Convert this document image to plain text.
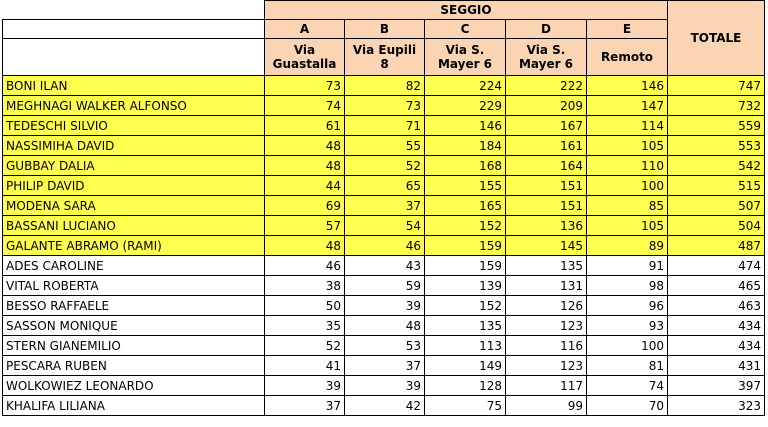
	SEGGIO					TOTALE
	A	B	C	D	E	
	Via Guastalla	Via Eupili 8	Via S. Mayer 6	Via S. Mayer 6	Remoto	
BONI ILAN	73	82	224	222	146	747
MEGHNAGI WALKER ALFONSO	74	73	229	209	147	732
TEDESCHI SILVIO	61	71	146	167	114	559
NASSIMIHA DAVID	48	55	184	161	105	553
GUBBAY DALIA	48	52	168	164	110	542
PHILIP DAVID	44	65	155	151	100	515
MODENA SARA	69	37	165	151	85	507
BASSANI LUCIANO	57	54	152	136	105	504
GALANTE ABRAMO (RAMI)	48	46	159	145	89	487
ADES CAROLINE	46	43	159	135	91	474
VITAL ROBERTA	38	59	139	131	98	465
BESSO RAFFAELE	50	39	152	126	96	463
SASSON MONIQUE	35	48	135	123	93	434
STERN GIANEMILIO	52	53	113	116	100	434
PESCARA RUBEN	41	37	149	123	81	431
WOLKOWIEZ LEONARDO	39	39	128	117	74	397
KHALIFA LILIANA	37	42	75	99	70	323
